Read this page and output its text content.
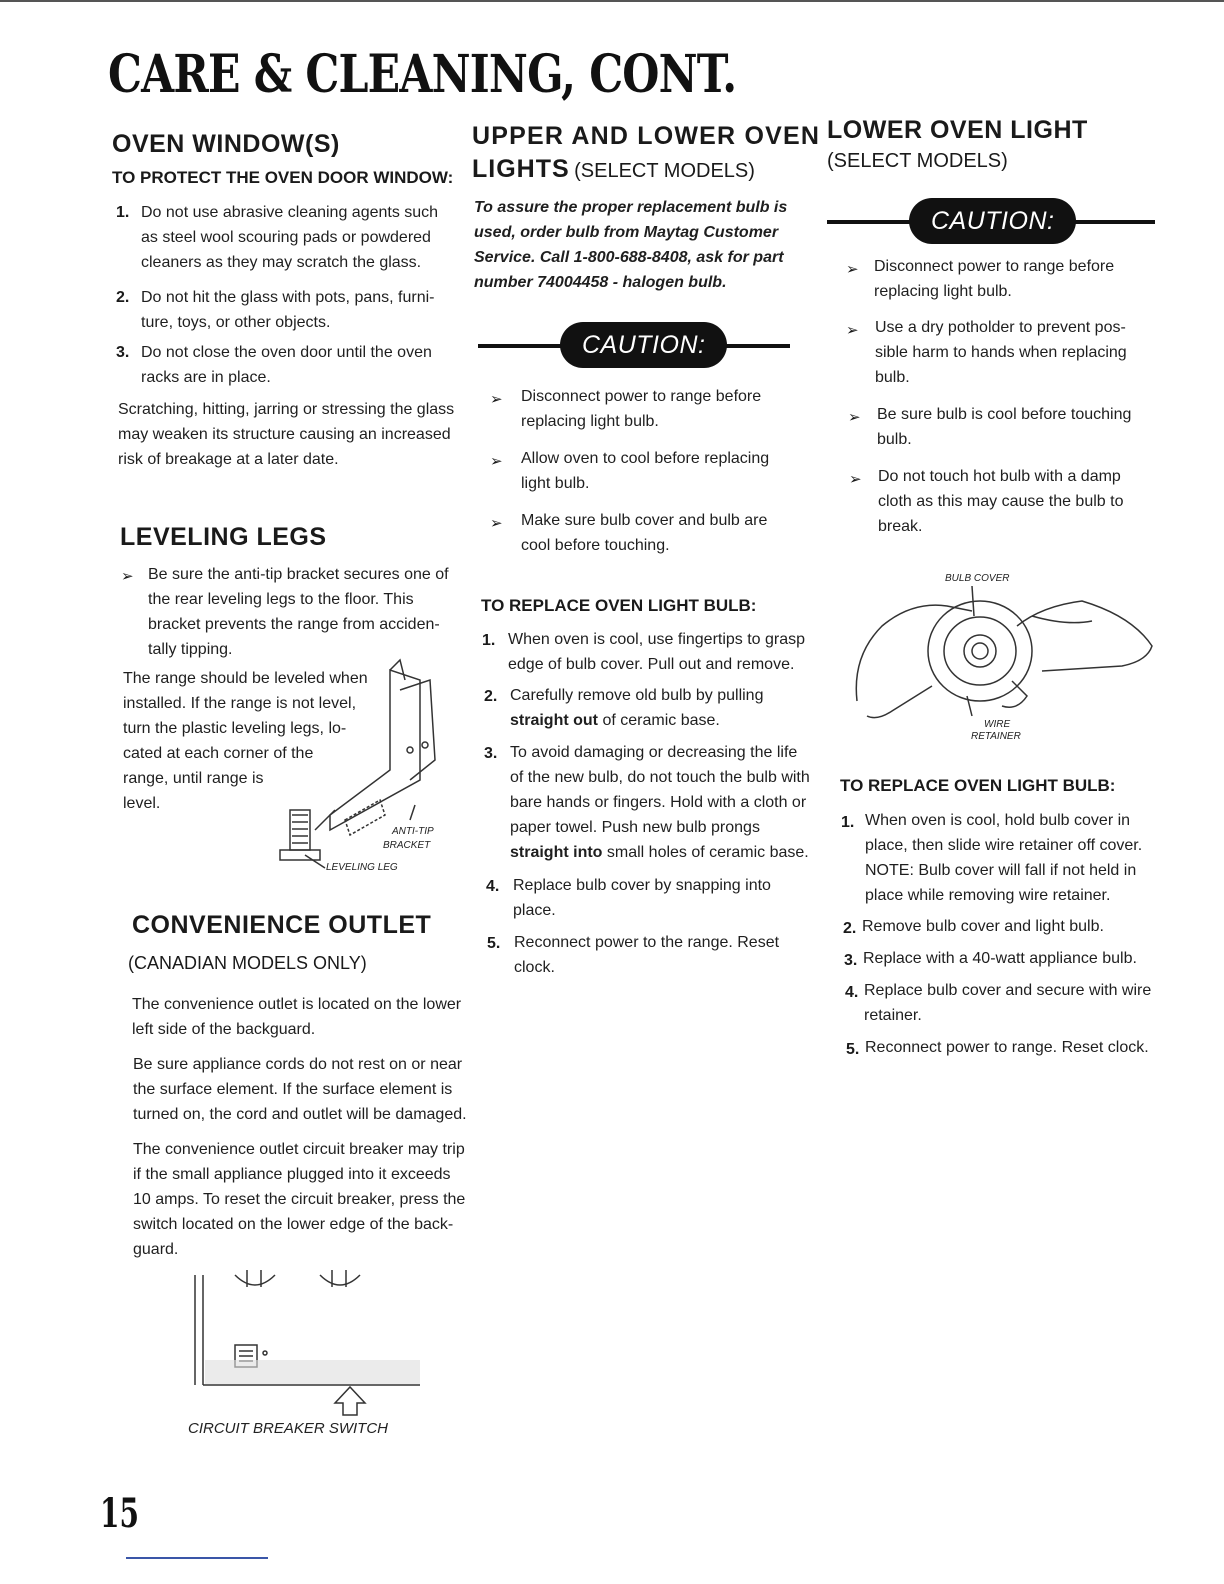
CARE & CLEANING, CONT.
OVEN WINDOW(S)
TO PROTECT THE OVEN DOOR WINDOW:
1. Do not use abrasive cleaning agents such
as steel wool scouring pads or powdered
cleaners as they may scratch the glass.

2. Do not hit the glass with pots, pans, furni-
ture, toys, or other objects.

3. Do not close the oven door until the oven
racks are in place.

Scratching, hitting, jarring or stressing the glass
may weaken its structure causing an increased
risk of breakage at a later date.

LEVELING LEGS
➢ Be sure the anti-tip bracket secures one of
the rear leveling legs to the floor. This
bracket prevents the range from acciden-
tally tipping.

The range should be leveled when
installed. If the range is not level,
turn the plastic leveling legs, lo-
cated at each corner of the
range, until range is
level.

ANTI-TIP
BRACKET
LEVELING LEG
CONVENIENCE OUTLET
(CANADIAN MODELS ONLY)

The convenience outlet is located on the lower
left side of the backguard.

Be sure appliance cords do not rest on or near
the surface element. If the surface element is
turned on, the cord and outlet will be damaged.

The convenience outlet circuit breaker may trip
if the small appliance plugged into it exceeds
10 amps. To reset the circuit breaker, press the
switch located on the lower edge of the back-
guard.

CIRCUIT BREAKER SWITCH
UPPER AND LOWER OVEN
LIGHTS (SELECT MODELS)

To assure the proper replacement bulb is
used, order bulb from Maytag Customer
Service. Call 1-800-688-8408, ask for part
number 74004458 - halogen bulb.

CAUTION:
➢ Disconnect power to range before
replacing light bulb.

➢ Allow oven to cool before replacing
light bulb.

➢ Make sure bulb cover and bulb are
cool before touching.

TO REPLACE OVEN LIGHT BULB:
1. When oven is cool, use fingertips to grasp
edge of bulb cover. Pull out and remove.

2. Carefully remove old bulb by pulling
straight out of ceramic base.

3. To avoid damaging or decreasing the life
of the new bulb, do not touch the bulb with
bare hands or fingers. Hold with a cloth or
paper towel. Push new bulb prongs
straight into small holes of ceramic base.

4. Replace bulb cover by snapping into
place.

5. Reconnect power to the range. Reset
clock.

LOWER OVEN LIGHT
(SELECT MODELS)
CAUTION:
➢ Disconnect power to range before
replacing light bulb.

➢ Use a dry potholder to prevent pos-
sible harm to hands when replacing
bulb.

➢ Be sure bulb is cool before touching
bulb.

➢ Do not touch hot bulb with a damp
cloth as this may cause the bulb to
break.

BULB COVER
WIRE
RETAINER
TO REPLACE OVEN LIGHT BULB:
1. When oven is cool, hold bulb cover in
place, then slide wire retainer off cover.
NOTE: Bulb cover will fall if not held in
place while removing wire retainer.

2. Remove bulb cover and light bulb.

3. Replace with a 40-watt appliance bulb.

4. Replace bulb cover and secure with wire
retainer.

5. Reconnect power to range. Reset clock.

15
